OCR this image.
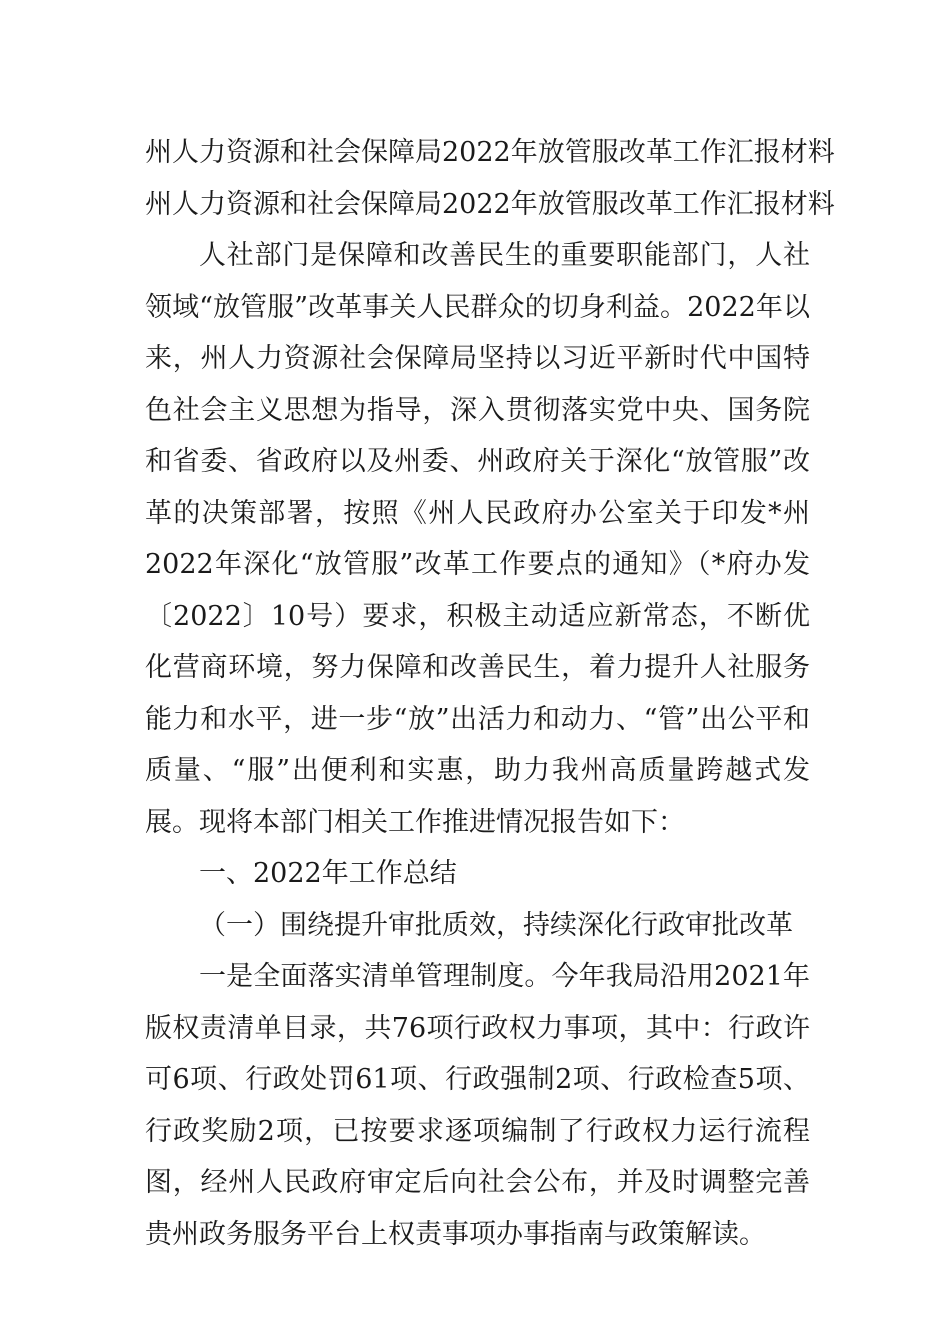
州人力资源和社会保障局2022年放管服改革工作汇报材料

州人力资源和社会保障局2022年放管服改革工作汇报材料

人社部门是保障和改善民生的重要职能部门，人社领域“放管服”改革事关人民群众的切身利益。2022年以来，州人力资源社会保障局坚持以习近平新时代中国特色社会主义思想为指导，深入贯彻落实党中央、国务院和省委、省政府以及州委、州政府关于深化“放管服”改革的决策部署，按照《州人民政府办公室关于印发*州2022年深化“放管服”改革工作要点的通知》（*府办发〔2022〕10号）要求，积极主动适应新常态，不断优化营商环境，努力保障和改善民生，着力提升人社服务能力和水平，进一步“放”出活力和动力、“管”出公平和质量、“服”出便利和实惠，助力我州高质量跨越式发展。现将本部门相关工作推进情况报告如下：

一、2022年工作总结

（一）围绕提升审批质效，持续深化行政审批改革

一是全面落实清单管理制度。今年我局沿用2021年版权责清单目录，共76项行政权力事项，其中：行政许可6项、行政处罚61项、行政强制2项、行政检查5项、行政奖励2项，已按要求逐项编制了行政权力运行流程图，经州人民政府审定后向社会公布，并及时调整完善贵州政务服务平台上权责事项办事指南与政策解读。
